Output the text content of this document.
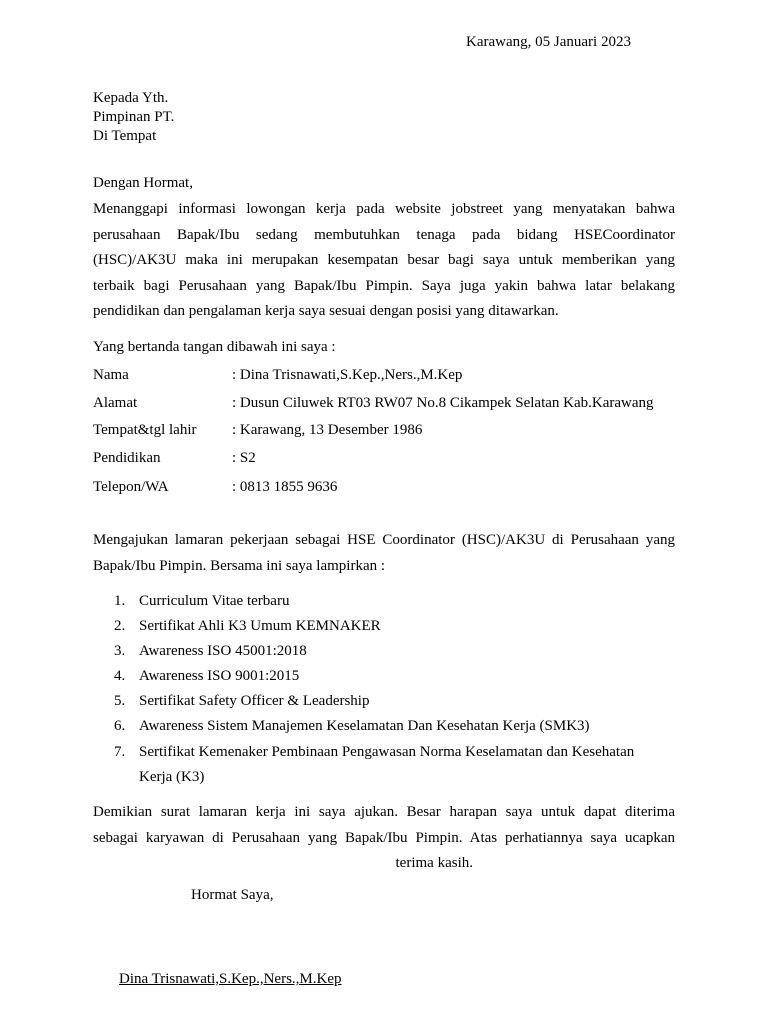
Karawang, 05 Januari 2023
Kepada Yth.
Pimpinan PT.
Di Tempat
Dengan Hormat,
Menanggapi informasi lowongan kerja pada website jobstreet yang menyatakan bahwa
perusahaan Bapak/Ibu sedang membutuhkan tenaga pada bidang HSECoordinator
(HSC)/AK3U maka ini merupakan kesempatan besar bagi saya untuk memberikan yang
terbaik bagi Perusahaan yang Bapak/Ibu Pimpin. Saya juga yakin bahwa latar belakang
pendidikan dan pengalaman kerja saya sesuai dengan posisi yang ditawarkan.
Yang bertanda tangan dibawah ini saya :
Nama	: Dina Trisnawati,S.Kep.,Ners.,M.Kep
Alamat	: Dusun Ciluwek RT03 RW07 No.8 Cikampek Selatan Kab.Karawang
Tempat&tgl lahir : Karawang, 13 Desember 1986
Pendidikan	: S2
Telepon/WA	: 0813 1855 9636
Mengajukan lamaran pekerjaan sebagai HSE Coordinator (HSC)/AK3U di Perusahaan yang
Bapak/Ibu Pimpin. Bersama ini saya lampirkan :
1. Curriculum Vitae terbaru
2. Sertifikat Ahli K3 Umum KEMNAKER
3. Awareness ISO 45001:2018
4. Awareness ISO 9001:2015
5. Sertifikat Safety Officer & Leadership
6. Awareness Sistem Manajemen Keselamatan Dan Kesehatan Kerja (SMK3)
7. Sertifikat Kemenaker Pembinaan Pengawasan Norma Keselamatan dan Kesehatan
Kerja (K3)
Demikian surat lamaran kerja ini saya ajukan. Besar harapan saya untuk dapat diterima
sebagai karyawan di Perusahaan yang Bapak/Ibu Pimpin. Atas perhatiannya saya ucapkan
terima kasih.
Hormat Saya,
Dina Trisnawati,S.Kep.,Ners.,M.Kep
